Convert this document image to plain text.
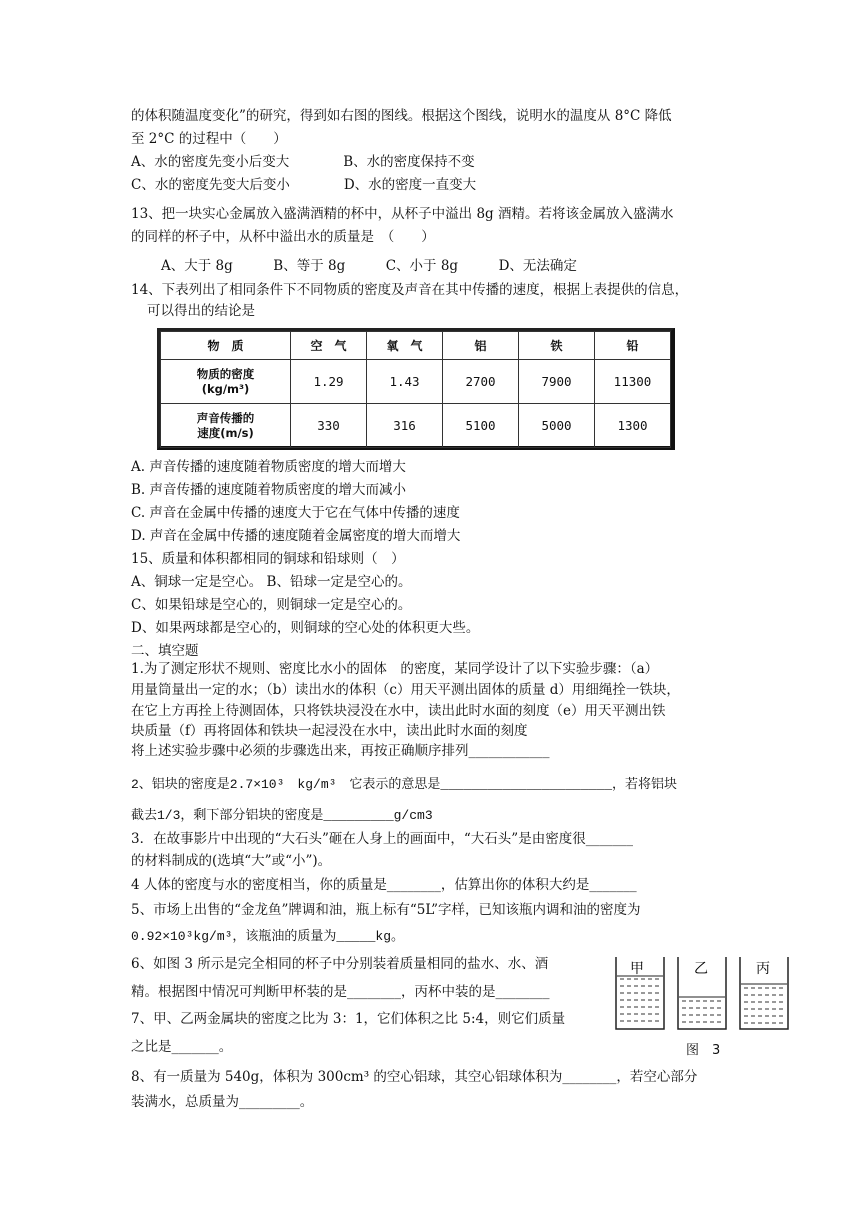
的体积随温度变化”的研究，得到如右图的图线。根据这个图线，说明水的温度从 8°C 降低
至 2°C 的过程中（　　）
A、水的密度先变小后变大　　　　B、水的密度保持不变
C、水的密度先变大后变小　　　　D、水的密度一直变大
13、把一块实心金属放入盛满酒精的杯中，从杯子中溢出 8g 酒精。若将该金属放入盛满水
的同样的杯子中，从杯中溢出水的质量是　（　　）
A、大于 8g　　　B、等于 8g　　　C、小于 8g　　　D、无法确定
14、下表列出了相同条件下不同物质的密度及声音在其中传播的速度，根据上表提供的信息，
可以得出的结论是
物　质	空　气	氧　气	铝	铁	铅
物质的密度
(kg/m³)	1.29	1.43	2700	7900	11300
声音传播的
速度(m/s)	330	316	5100	5000	1300
A. 声音传播的速度随着物质密度的增大而增大
B. 声音传播的速度随着物质密度的增大而减小
C. 声音在金属中传播的速度大于它在气体中传播的速度
D. 声音在金属中传播的速度随着金属密度的增大而增大
15、质量和体积都相同的铜球和铅球则（　）
A、铜球一定是空心。 B、铅球一定是空心的。
C、如果铅球是空心的，则铜球一定是空心的。
D、如果两球都是空心的，则铜球的空心处的体积更大些。
二、填空题
1.为了测定形状不规则、密度比水小的固体　的密度，某同学设计了以下实验步骤：（a）
用量筒量出一定的水；（b）读出水的体积（c）用天平测出固体的质量 d）用细绳拴一铁块，
在它上方再拴上待测固体，只将铁块浸没在水中，读出此时水面的刻度（e）用天平测出铁
块质量（f）再将固体和铁块一起浸没在水中，读出此时水面的刻度
将上述实验步骤中必须的步骤选出来，再按正确顺序排列____________
2、铝块的密度是2.7×10³　kg/m³　它表示的意思是______________________，若将铝块
截去1/3，剩下部分铝块的密度是_________g/cm3
3．在故事影片中出现的“大石头”砸在人身上的画面中，“大石头”是由密度很_______
的材料制成的(选填“大”或“小”)。
4 人体的密度与水的密度相当，你的质量是________，估算出你的体积大约是_______
5、市场上出售的“金龙鱼”牌调和油，瓶上标有“5L”字样，已知该瓶内调和油的密度为
0.92×10³kg/m³，该瓶油的质量为_____kg。
6、如图 3 所示是完全相同的杯子中分别装着质量相同的盐水、水、酒
精。根据图中情况可判断甲杯装的是________，丙杯中装的是________
7、甲、乙两金属块的密度之比为 3：1，它们体积之比 5:4，则它们质量
之比是_______。
8、有一质量为 540g，体积为 300cm³ 的空心铝球，其空心铝球体积为________，若空心部分
装满水，总质量为_________。
甲	乙	丙
图　3
